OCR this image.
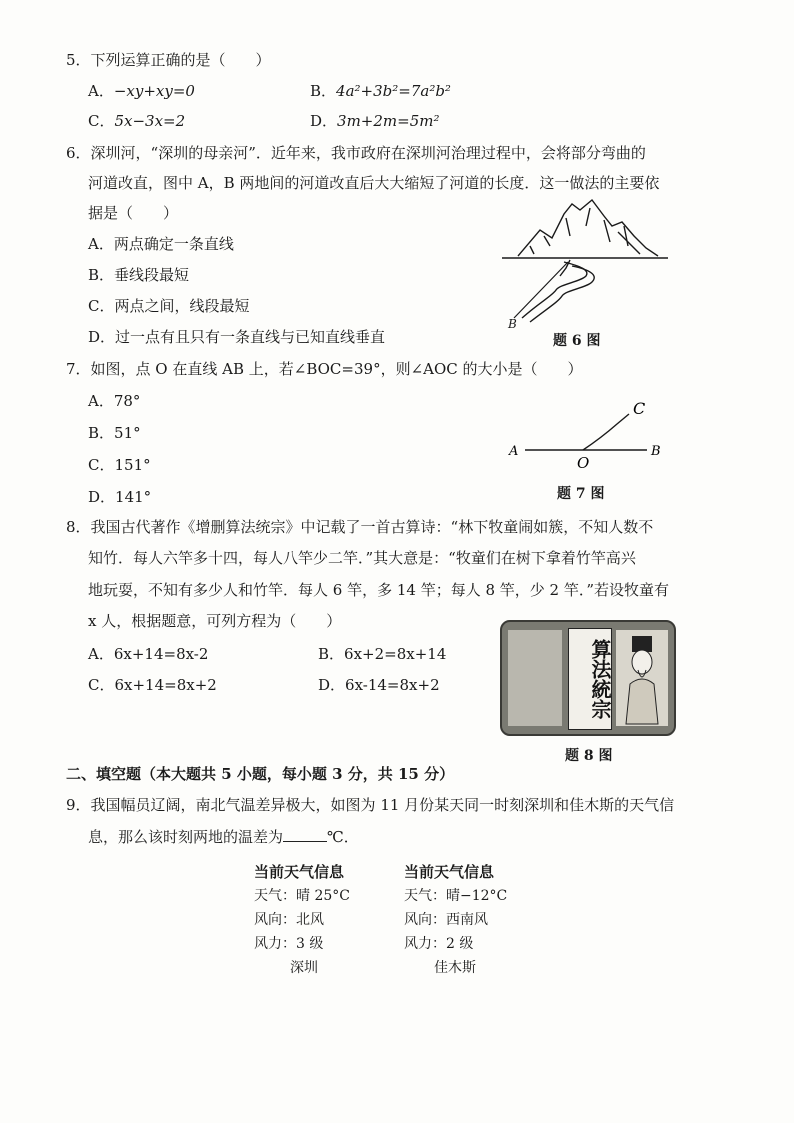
5．下列运算正确的是（　　）
A．−xy+xy=0	B．4a²+3b²=7a²b²
C．5x−3x=2	D．3m+2m=5m²
6．深圳河，“深圳的母亲河”．近年来，我市政府在深圳河治理过程中，会将部分弯曲的
河道改直，图中 A，B 两地间的河道改直后大大缩短了河道的长度．这一做法的主要依
据是（　　）
A．两点确定一条直线
B．垂线段最短
C．两点之间，线段最短
D．过一点有且只有一条直线与已知直线垂直
B
题 6 图
7．如图，点 O 在直线 AB 上，若∠BOC=39°，则∠AOC 的大小是（　　）
A．78°
B．51°
C．151°
D．141°
A	B
O
C
题 7 图
8．我国古代著作《增删算法统宗》中记载了一首古算诗：“林下牧童闹如簇，不知人数不
知竹．每人六竿多十四，每人八竿少二竿．”其大意是：“牧童们在树下拿着竹竿高兴
地玩耍，不知有多少人和竹竿．每人 6 竿，多 14 竿；每人 8 竿，少 2 竿．”若设牧童有
x 人，根据题意，可列方程为（　　）
A．6x+14=8x-2	B．6x+2=8x+14
C．6x+14=8x+2	D．6x-14=8x+2	算法統宗
题 8 图
二、填空题（本大题共 5 小题，每小题 3 分，共 15 分）
9．我国幅员辽阔，南北气温差异极大，如图为 11 月份某天同一时刻深圳和佳木斯的天气信
息，那么该时刻两地的温差为	℃．
当前天气信息
天气：晴 25°C
风向：北风
风力：3 级
深圳
当前天气信息
天气：晴−12°C
风向：西南风
风力：2 级
佳木斯
